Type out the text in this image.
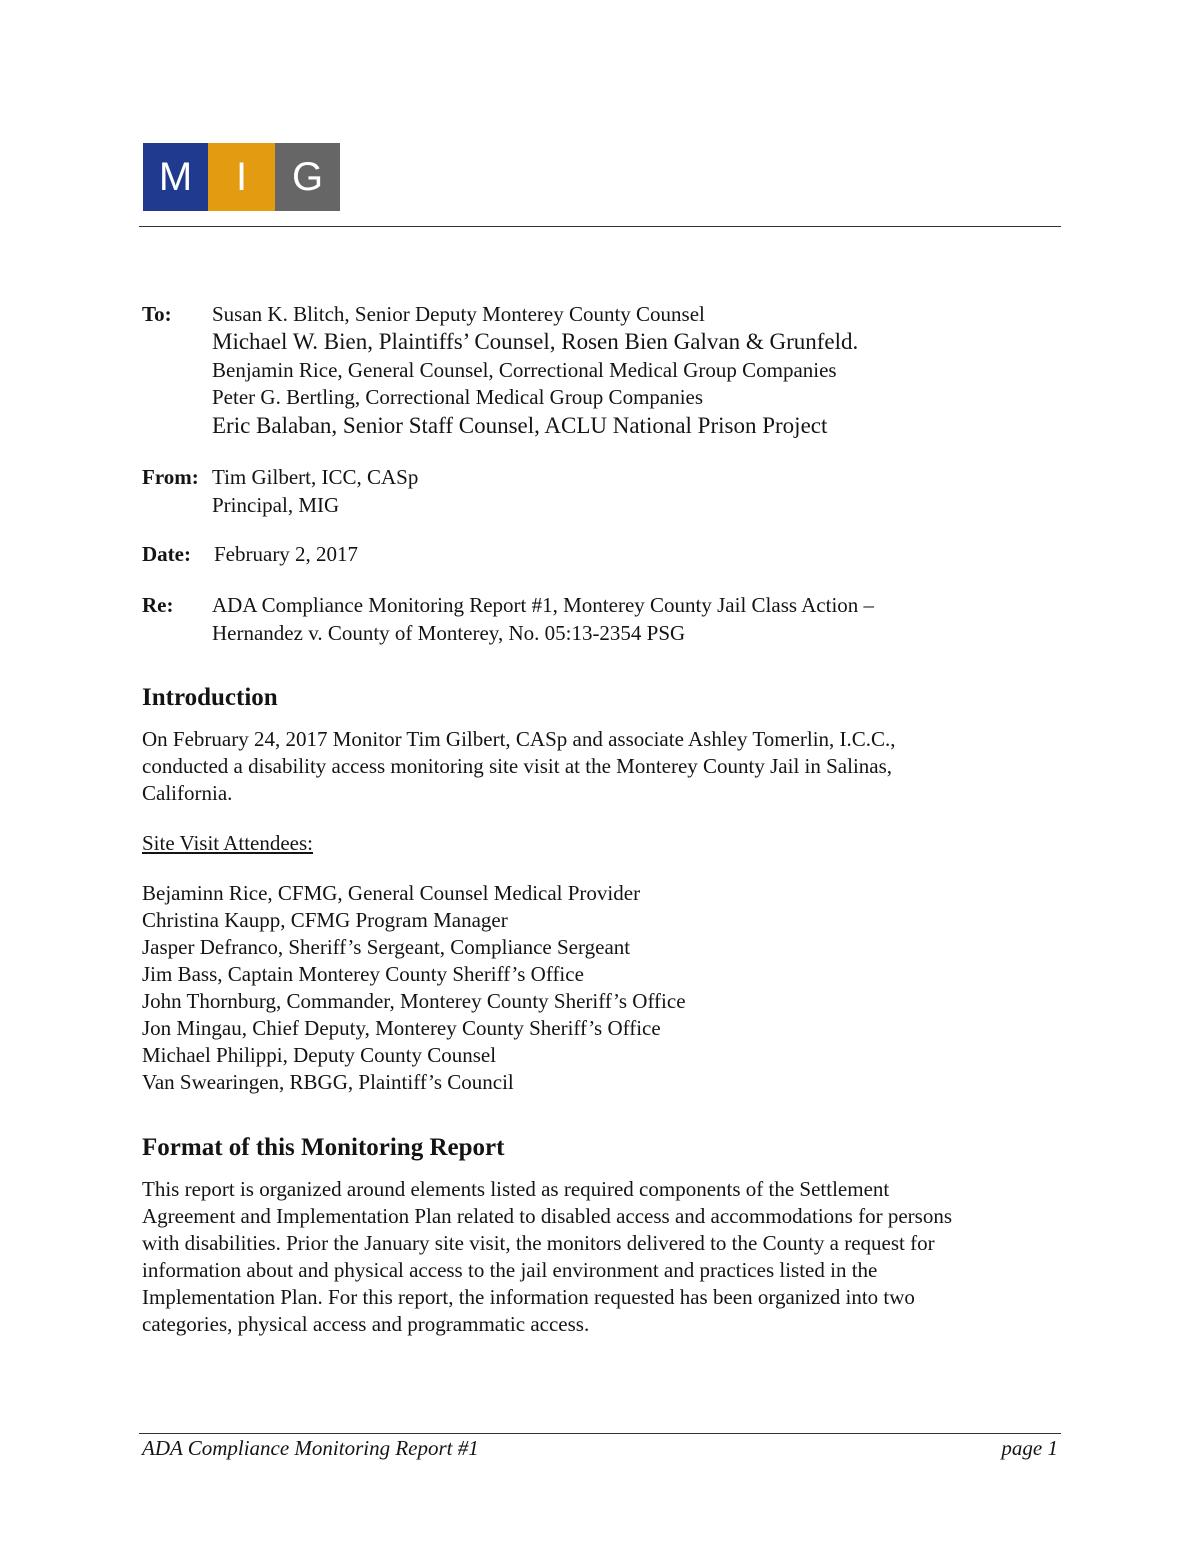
M	I	G
To: Susan K. Blitch, Senior Deputy Monterey County Counsel
Michael W. Bien, Plaintiffs’ Counsel, Rosen Bien Galvan & Grunfeld.
Benjamin Rice, General Counsel, Correctional Medical Group Companies
Peter G. Bertling, Correctional Medical Group Companies
Eric Balaban, Senior Staff Counsel, ACLU National Prison Project
From: Tim Gilbert, ICC, CASp
Principal, MIG
Date: February 2, 2017
Re: ADA Compliance Monitoring Report #1, Monterey County Jail Class Action –
Hernandez v. County of Monterey, No. 05:13-2354 PSG
Introduction

On February 24, 2017 Monitor Tim Gilbert, CASp and associate Ashley Tomerlin, I.C.C.,
conducted a disability access monitoring site visit at the Monterey County Jail in Salinas,
California.

Site Visit Attendees:

Bejaminn Rice, CFMG, General Counsel Medical Provider
Christina Kaupp, CFMG Program Manager
Jasper Defranco, Sheriff’s Sergeant, Compliance Sergeant
Jim Bass, Captain Monterey County Sheriff’s Office
John Thornburg, Commander, Monterey County Sheriff’s Office
Jon Mingau, Chief Deputy, Monterey County Sheriff’s Office
Michael Philippi, Deputy County Counsel
Van Swearingen, RBGG, Plaintiff’s Council

Format of this Monitoring Report

This report is organized around elements listed as required components of the Settlement
Agreement and Implementation Plan related to disabled access and accommodations for persons
with disabilities. Prior the January site visit, the monitors delivered to the County a request for
information about and physical access to the jail environment and practices listed in the
Implementation Plan. For this report, the information requested has been organized into two
categories, physical access and programmatic access.

ADA Compliance Monitoring Report #1	page 1
